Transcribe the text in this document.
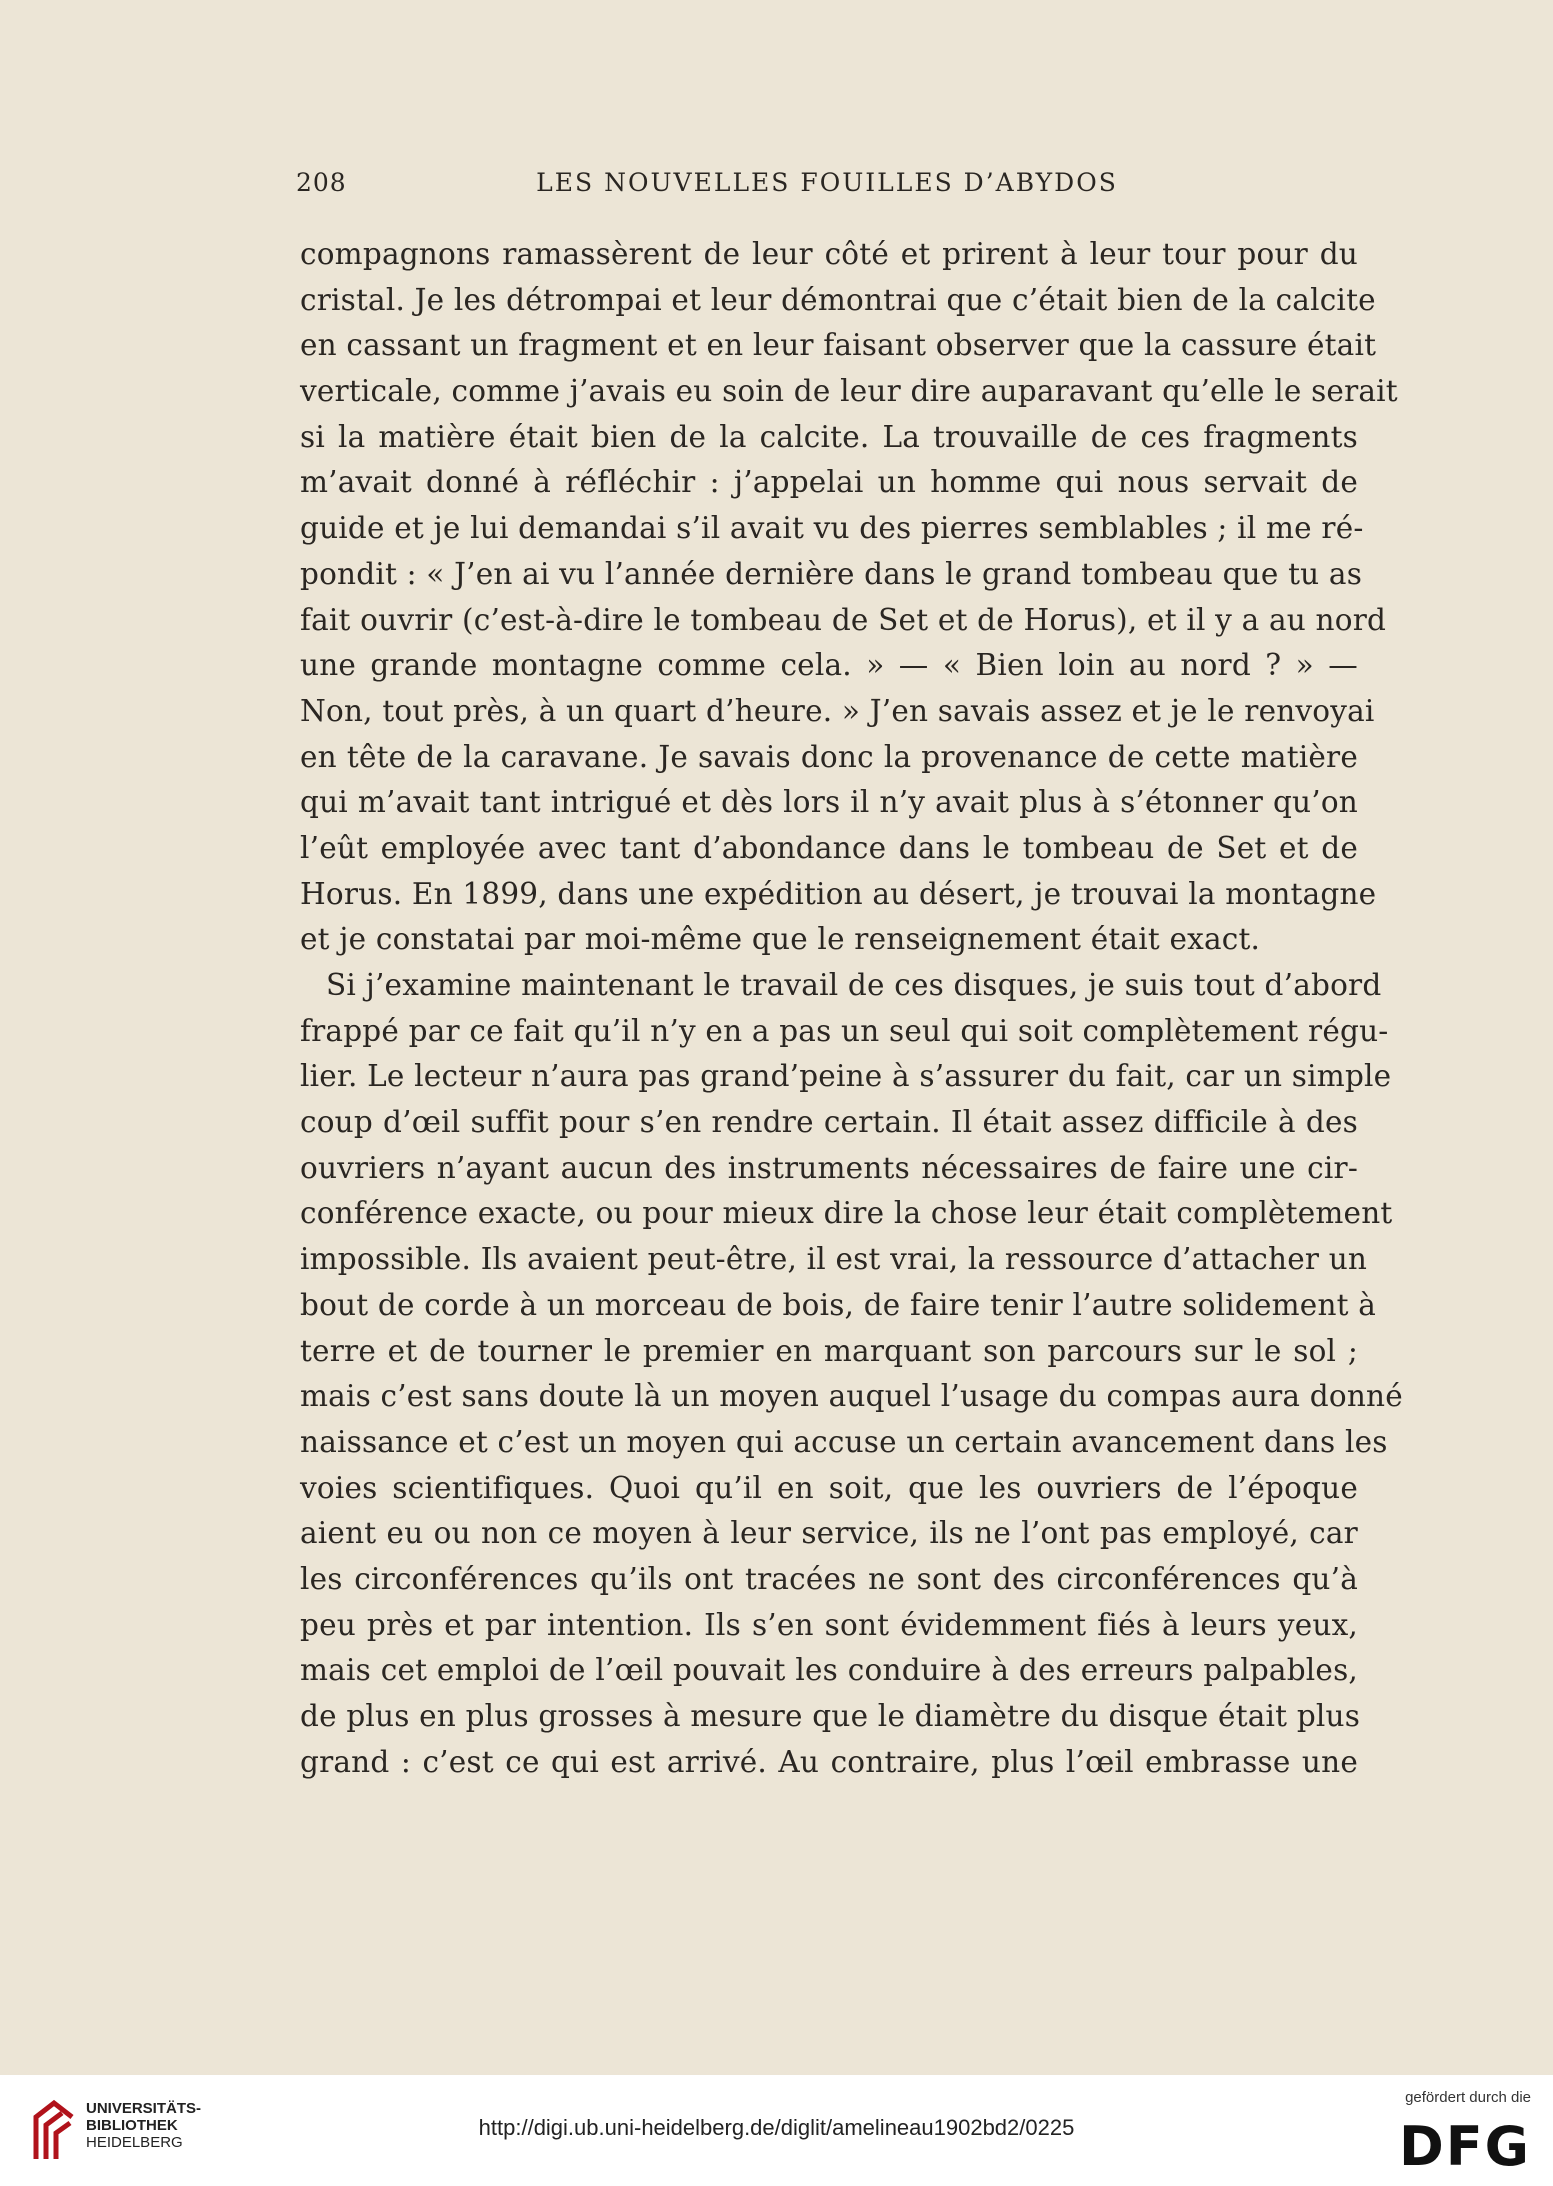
208	LES NOUVELLES FOUILLES D’ABYDOS
compagnons ramassèrent de leur côté et prirent à leur tour pour du
cristal. Je les détrompai et leur démontrai que c’était bien de la calcite
en cassant un fragment et en leur faisant observer que la cassure était
verticale, comme j’avais eu soin de leur dire auparavant qu’elle le serait
si la matière était bien de la calcite. La trouvaille de ces fragments
m’avait donné à réfléchir : j’appelai un homme qui nous servait de
guide et je lui demandai s’il avait vu des pierres semblables ; il me ré-
pondit : « J’en ai vu l’année dernière dans le grand tombeau que tu as
fait ouvrir (c’est-à-dire le tombeau de Set et de Horus), et il y a au nord
une grande montagne comme cela. » — « Bien loin au nord ? » —
Non, tout près, à un quart d’heure. » J’en savais assez et je le renvoyai
en tête de la caravane. Je savais donc la provenance de cette matière
qui m’avait tant intrigué et dès lors il n’y avait plus à s’étonner qu’on
l’eût employée avec tant d’abondance dans le tombeau de Set et de
Horus. En 1899, dans une expédition au désert, je trouvai la montagne
et je constatai par moi-même que le renseignement était exact.
Si j’examine maintenant le travail de ces disques, je suis tout d’abord
frappé par ce fait qu’il n’y en a pas un seul qui soit complètement régu-
lier. Le lecteur n’aura pas grand’peine à s’assurer du fait, car un simple
coup d’œil suffit pour s’en rendre certain. Il était assez difficile à des
ouvriers n’ayant aucun des instruments nécessaires de faire une cir-
conférence exacte, ou pour mieux dire la chose leur était complètement
impossible. Ils avaient peut-être, il est vrai, la ressource d’attacher un
bout de corde à un morceau de bois, de faire tenir l’autre solidement à
terre et de tourner le premier en marquant son parcours sur le sol ;
mais c’est sans doute là un moyen auquel l’usage du compas aura donné
naissance et c’est un moyen qui accuse un certain avancement dans les
voies scientifiques. Quoi qu’il en soit, que les ouvriers de l’époque
aient eu ou non ce moyen à leur service, ils ne l’ont pas employé, car
les circonférences qu’ils ont tracées ne sont des circonférences qu’à
peu près et par intention. Ils s’en sont évidemment fiés à leurs yeux,
mais cet emploi de l’œil pouvait les conduire à des erreurs palpables,
de plus en plus grosses à mesure que le diamètre du disque était plus
grand : c’est ce qui est arrivé. Au contraire, plus l’œil embrasse une
UNIVERSITÄTS-
BIBLIOTHEK
HEIDELBERG
http://digi.ub.uni-heidelberg.de/diglit/amelineau1902bd2/0225
gefördert durch die
DFG
